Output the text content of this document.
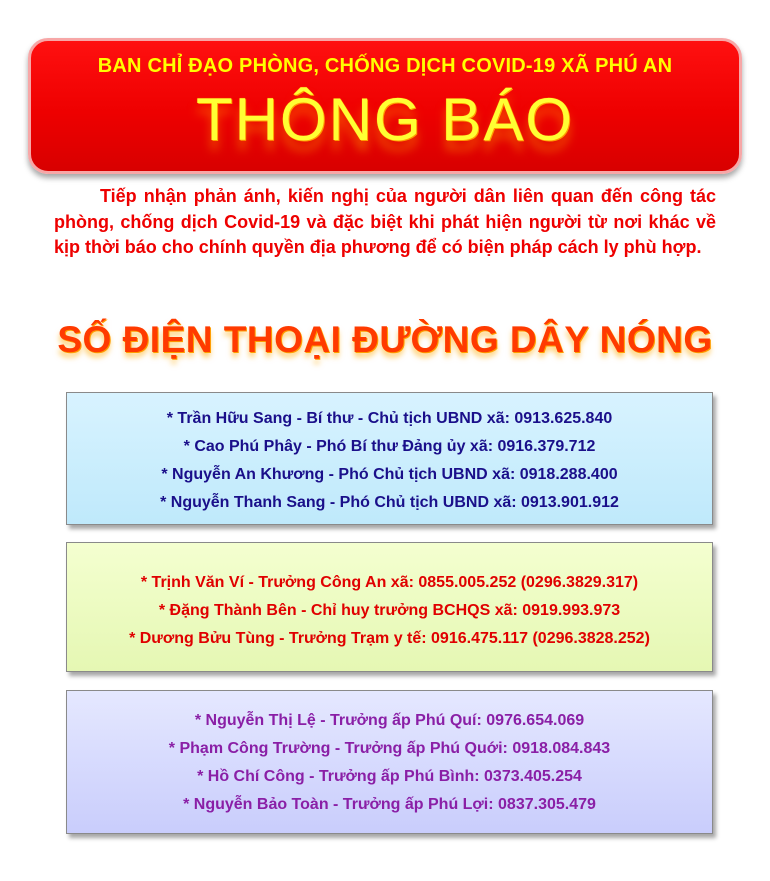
BAN CHỈ ĐẠO PHÒNG, CHỐNG DỊCH COVID-19 XÃ PHÚ AN
THÔNG BÁO
Tiếp nhận phản ánh, kiến nghị của người dân liên quan đến công tác phòng, chống dịch Covid-19 và đặc biệt khi phát hiện người từ nơi khác về kịp thời báo cho chính quyền địa phương để có biện pháp cách ly phù hợp.
SỐ ĐIỆN THOẠI ĐƯỜNG DÂY NÓNG
* Trần Hữu Sang - Bí thư - Chủ tịch UBND xã: 0913.625.840
* Cao Phú Phây - Phó Bí thư Đảng ủy xã: 0916.379.712
* Nguyễn An Khương - Phó Chủ tịch UBND xã: 0918.288.400
* Nguyễn Thanh Sang - Phó Chủ tịch UBND xã: 0913.901.912
* Trịnh Văn Ví - Trưởng Công An xã: 0855.005.252 (0296.3829.317)
* Đặng Thành Bên - Chỉ huy trưởng BCHQS xã: 0919.993.973
* Dương Bửu Tùng - Trưởng Trạm y tế: 0916.475.117 (0296.3828.252)
* Nguyễn Thị Lệ - Trưởng ấp Phú Quí: 0976.654.069
* Phạm Công Trường - Trưởng ấp Phú Quới: 0918.084.843
* Hồ Chí Công - Trưởng ấp Phú Bình: 0373.405.254
* Nguyễn Bảo Toàn - Trưởng ấp Phú Lợi: 0837.305.479
